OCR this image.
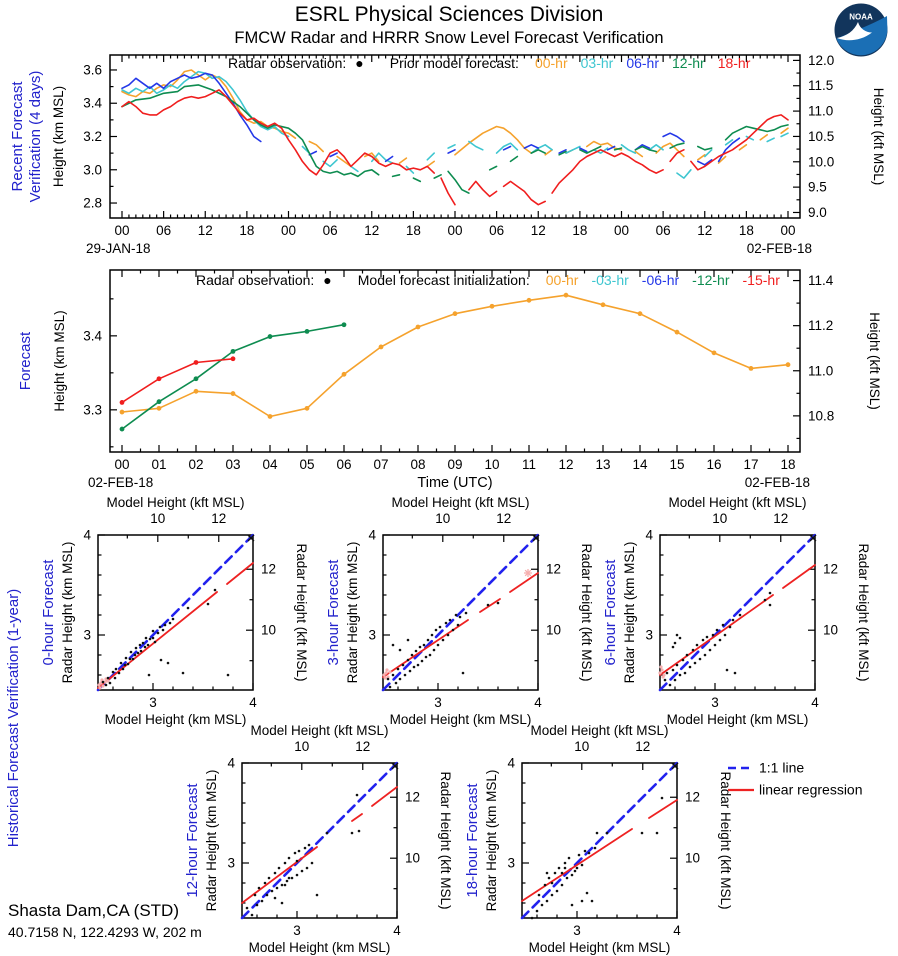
ESRL Physical Sciences Division
FMCW Radar and HRRR Snow Level Forecast Verification
NOAA
00 06 12 18 00 06 12 18 00 06 12 18 00 06 12 18 00
3.6
3.4
3.2
3.0
2.8
12.0
11.5
11.0
10.5
10.0
9.5
9.0
Radar observation: ● Prior model forecast: 00-hr 03-hr 06-hr 12-hr 18-hr
29-JAN-18	02-FEB-18
Recent Forecast Verification (4 days) Height (km MSL)	Height (kft MSL)
00 01 02 03 04 05 06 07 08 09 10 11 12 13 14 15 16 17 18
3.4
3.3
11.4
11.2
11.0
10.8
Radar observation: ● Model forecast initialization: 00-hr -03-hr -06-hr -12-hr -15-hr
02-FEB-18	02-FEB-18
Time (UTC)
Forecast Height (km MSL)	Height (kft MSL)
3
3
4
4
10
10
12
12
Model Height (kft MSL)
Model Height (km MSL)
Radar Height (km MSL)	Radar Height (kft MSL)
0-hour Forecast
3
3
4
4
10
10
12
12
Model Height (kft MSL)
Model Height (km MSL)
Radar Height (km MSL)	Radar Height (kft MSL)
3-hour Forecast
3
3
4
4
10
10
12
12
Model Height (kft MSL)
Model Height (km MSL)
Radar Height (km MSL)	Radar Height (kft MSL)
6-hour Forecast
3
3
4
4
10
10
12
12
Model Height (kft MSL)
Model Height (km MSL)
Radar Height (km MSL)	Radar Height (kft MSL)
12-hour Forecast
3
3
4
4
10
10
12
12
Model Height (kft MSL)
Model Height (km MSL)
Radar Height (km MSL)	Radar Height (kft MSL)
18-hour Forecast
Historical Forecast Verification (1-year)	1:1 line
linear regression
Shasta Dam,CA (STD)
40.7158 N, 122.4293 W, 202 m
